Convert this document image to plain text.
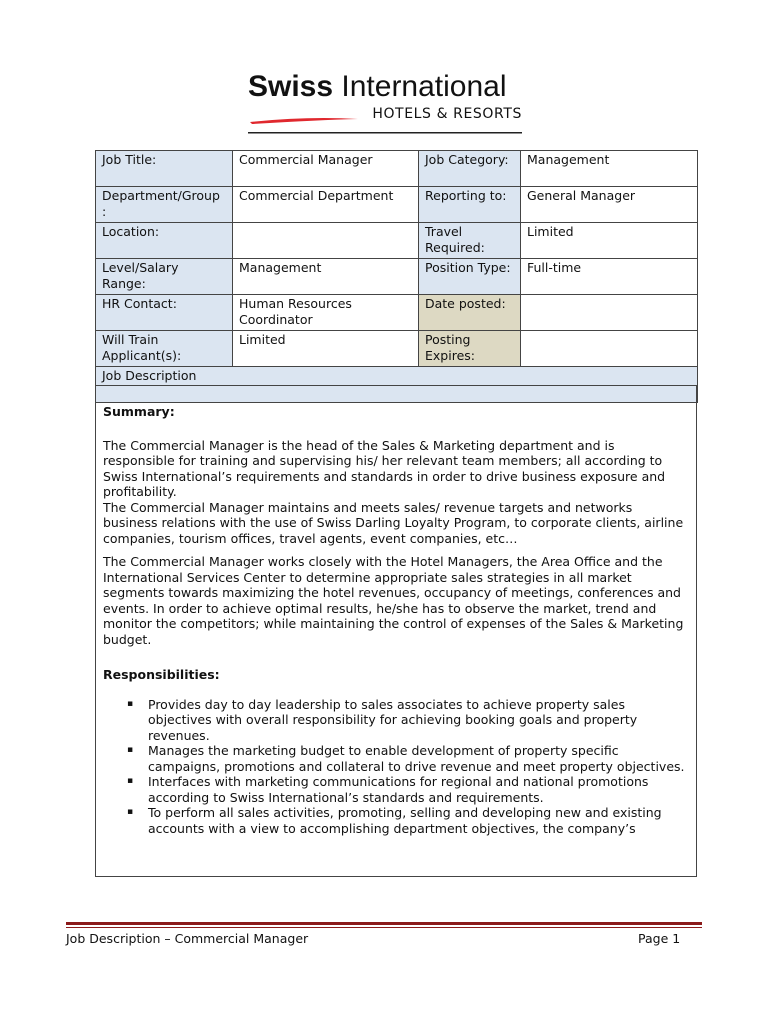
Swiss International
HOTELS & RESORTS
Job Title:	Commercial Manager	Job Category:	Management
Department/Group :	Commercial Department	Reporting to:	General Manager
Location:		Travel Required:	Limited
Level/Salary Range:	Management	Position Type:	Full-time
HR Contact:	Human Resources Coordinator	Date posted:	
Will Train Applicant(s):	Limited	Posting Expires:	
Job Description			

Summary:

The Commercial Manager is the head of the Sales & Marketing department and is responsible for training and supervising his/ her relevant team members; all according to Swiss International’s requirements and standards in order to drive business exposure and profitability.

The Commercial Manager maintains and meets sales/ revenue targets and networks business relations with the use of Swiss Darling Loyalty Program, to corporate clients, airline companies, tourism offices, travel agents, event companies, etc…

The Commercial Manager works closely with the Hotel Managers, the Area Office and the International Services Center to determine appropriate sales strategies in all market segments towards maximizing the hotel revenues, occupancy of meetings, conferences and events. In order to achieve optimal results, he/she has to observe the market, trend and monitor the competitors; while maintaining the control of expenses of the Sales & Marketing budget.

Responsibilities:

▪ Provides day to day leadership to sales associates to achieve property sales objectives with overall responsibility for achieving booking goals and property revenues.
▪ Manages the marketing budget to enable development of property specific campaigns, promotions and collateral to drive revenue and meet property objectives.
▪ Interfaces with marketing communications for regional and national promotions according to Swiss International’s standards and requirements.
▪ To perform all sales activities, promoting, selling and developing new and existing accounts with a view to accomplishing department objectives, the company’s
Job Description – Commercial Manager	Page 1
